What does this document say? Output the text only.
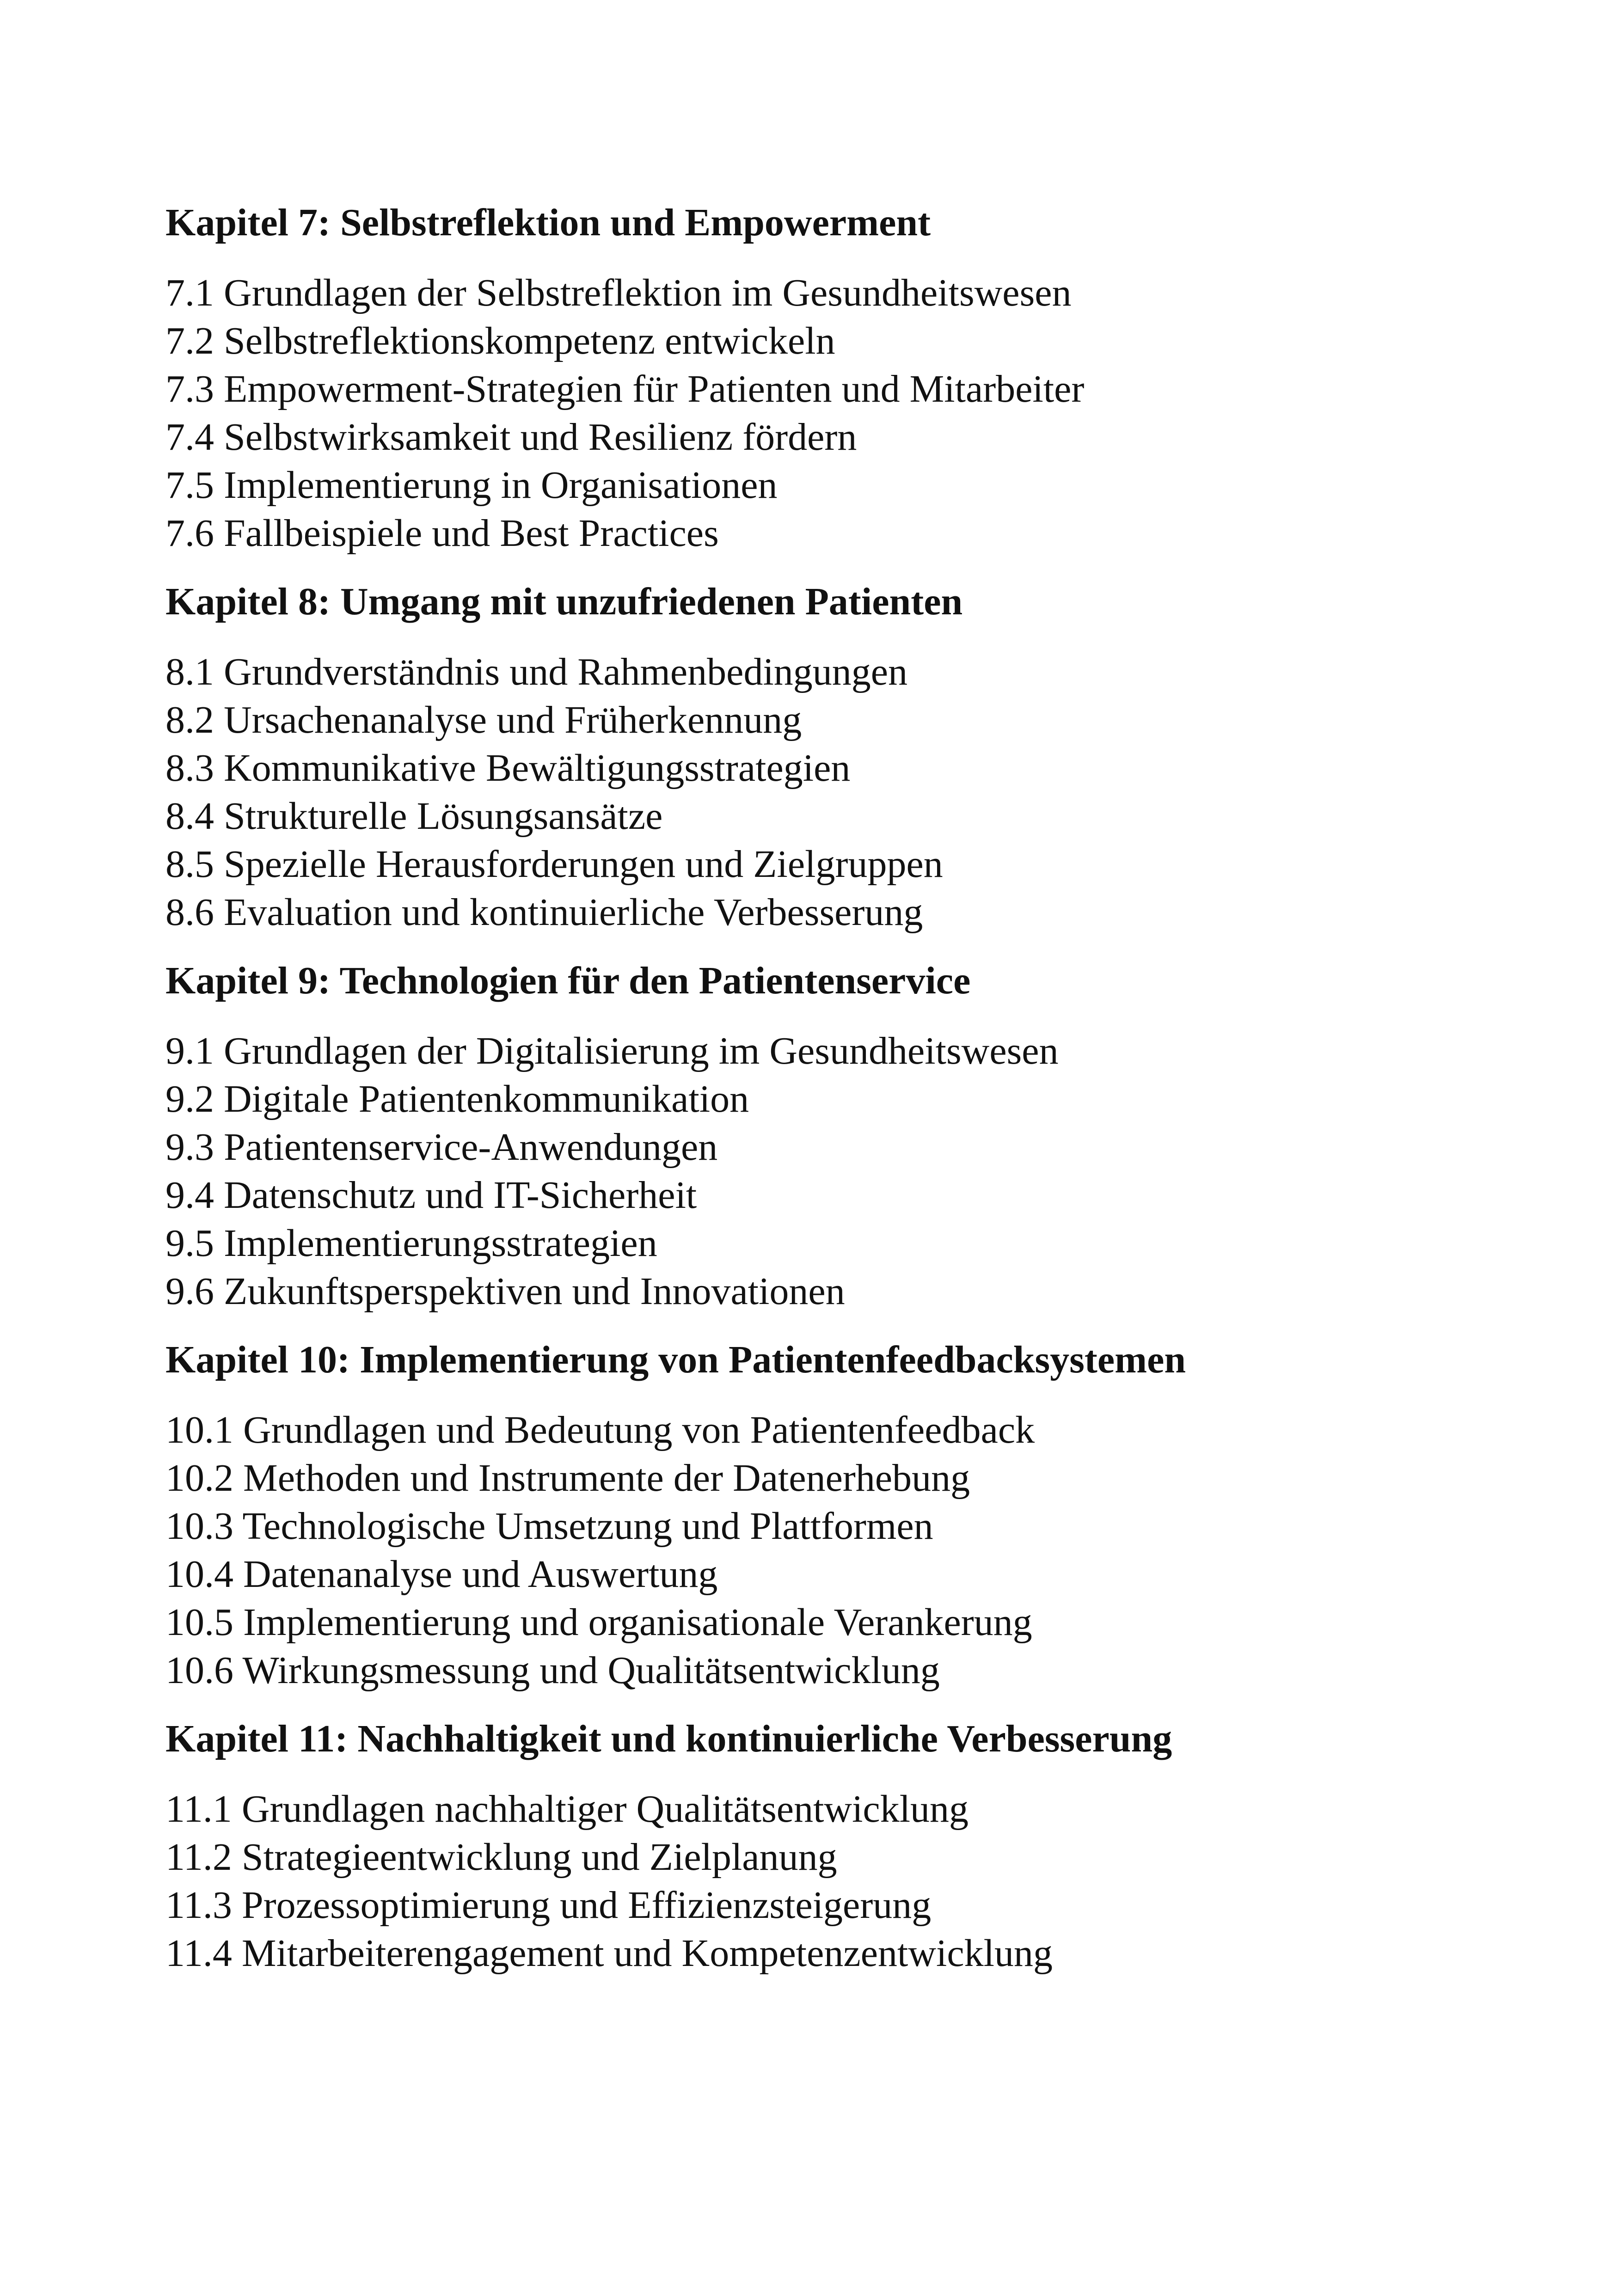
Kapitel 7: Selbstreflektion und Empowerment
7.1 Grundlagen der Selbstreflektion im Gesundheitswesen
7.2 Selbstreflektionskompetenz entwickeln
7.3 Empowerment-Strategien für Patienten und Mitarbeiter
7.4 Selbstwirksamkeit und Resilienz fördern
7.5 Implementierung in Organisationen
7.6 Fallbeispiele und Best Practices
Kapitel 8: Umgang mit unzufriedenen Patienten
8.1 Grundverständnis und Rahmenbedingungen
8.2 Ursachenanalyse und Früherkennung
8.3 Kommunikative Bewältigungsstrategien
8.4 Strukturelle Lösungsansätze
8.5 Spezielle Herausforderungen und Zielgruppen
8.6 Evaluation und kontinuierliche Verbesserung
Kapitel 9: Technologien für den Patientenservice
9.1 Grundlagen der Digitalisierung im Gesundheitswesen
9.2 Digitale Patientenkommunikation
9.3 Patientenservice-Anwendungen
9.4 Datenschutz und IT-Sicherheit
9.5 Implementierungsstrategien
9.6 Zukunftsperspektiven und Innovationen
Kapitel 10: Implementierung von Patientenfeedbacksystemen
10.1 Grundlagen und Bedeutung von Patientenfeedback
10.2 Methoden und Instrumente der Datenerhebung
10.3 Technologische Umsetzung und Plattformen
10.4 Datenanalyse und Auswertung
10.5 Implementierung und organisationale Verankerung
10.6 Wirkungsmessung und Qualitätsentwicklung
Kapitel 11: Nachhaltigkeit und kontinuierliche Verbesserung
11.1 Grundlagen nachhaltiger Qualitätsentwicklung
11.2 Strategieentwicklung und Zielplanung
11.3 Prozessoptimierung und Effizienzsteigerung
11.4 Mitarbeiterengagement und Kompetenzentwicklung
